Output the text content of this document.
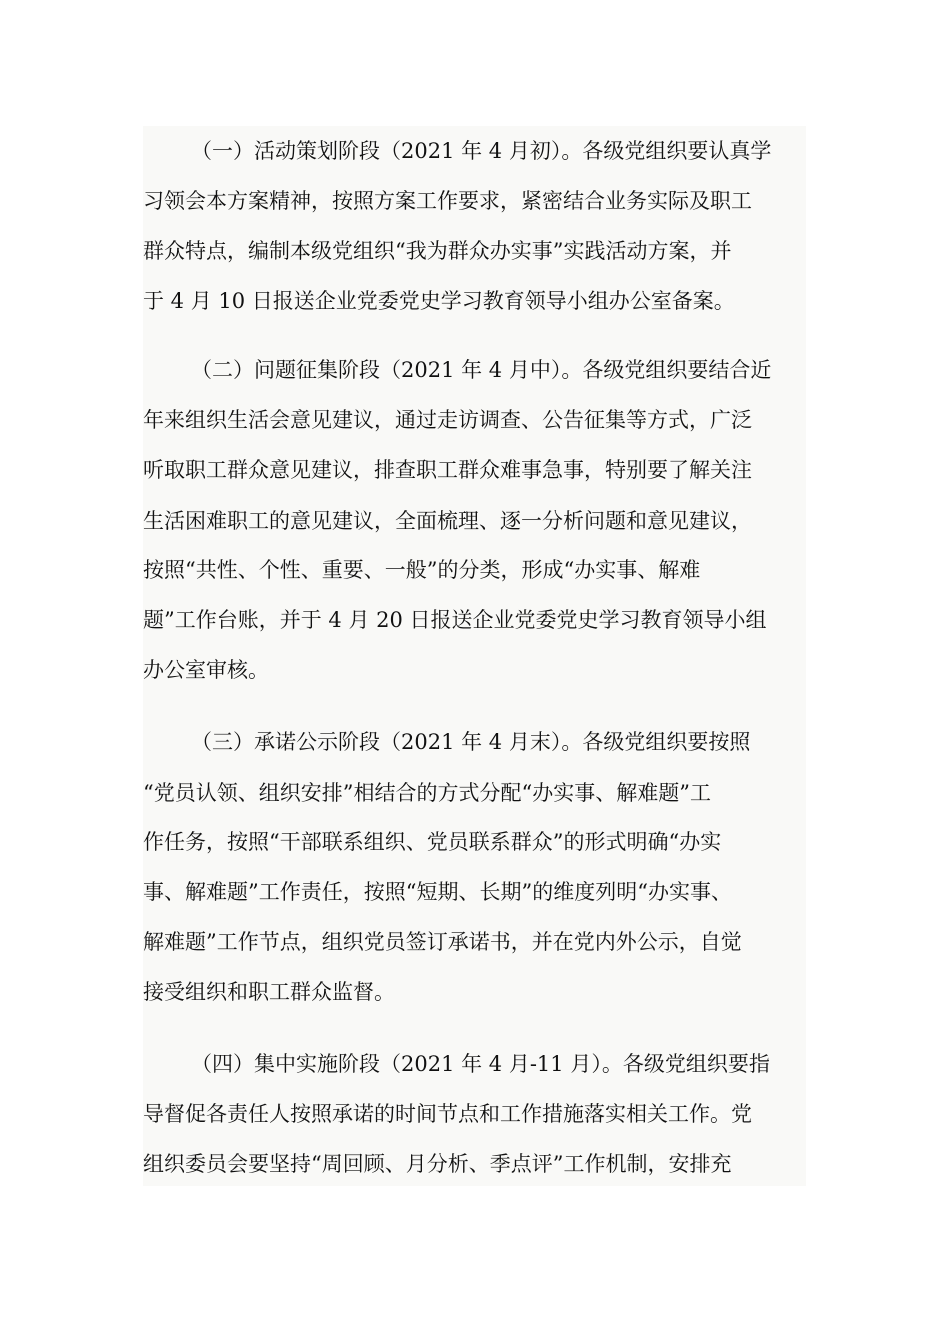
（一）活动策划阶段（2021 年 4 月初）。各级党组织要认真学
习领会本方案精神，按照方案工作要求，紧密结合业务实际及职工
群众特点，编制本级党组织“我为群众办实事”实践活动方案，并
于 4 月 10 日报送企业党委党史学习教育领导小组办公室备案。
（二）问题征集阶段（2021 年 4 月中）。各级党组织要结合近
年来组织生活会意见建议，通过走访调查、公告征集等方式，广泛
听取职工群众意见建议，排查职工群众难事急事，特别要了解关注
生活困难职工的意见建议，全面梳理、逐一分析问题和意见建议，
按照“共性、个性、重要、一般”的分类，形成“办实事、解难
题”工作台账，并于 4 月 20 日报送企业党委党史学习教育领导小组
办公室审核。
（三）承诺公示阶段（2021 年 4 月末）。各级党组织要按照
“党员认领、组织安排”相结合的方式分配“办实事、解难题”工
作任务，按照“干部联系组织、党员联系群众”的形式明确“办实
事、解难题”工作责任，按照“短期、长期”的维度列明“办实事、
解难题”工作节点，组织党员签订承诺书，并在党内外公示，自觉
接受组织和职工群众监督。
（四）集中实施阶段（2021 年 4 月-11 月）。各级党组织要指
导督促各责任人按照承诺的时间节点和工作措施落实相关工作。党
组织委员会要坚持“周回顾、月分析、季点评”工作机制，安排充
